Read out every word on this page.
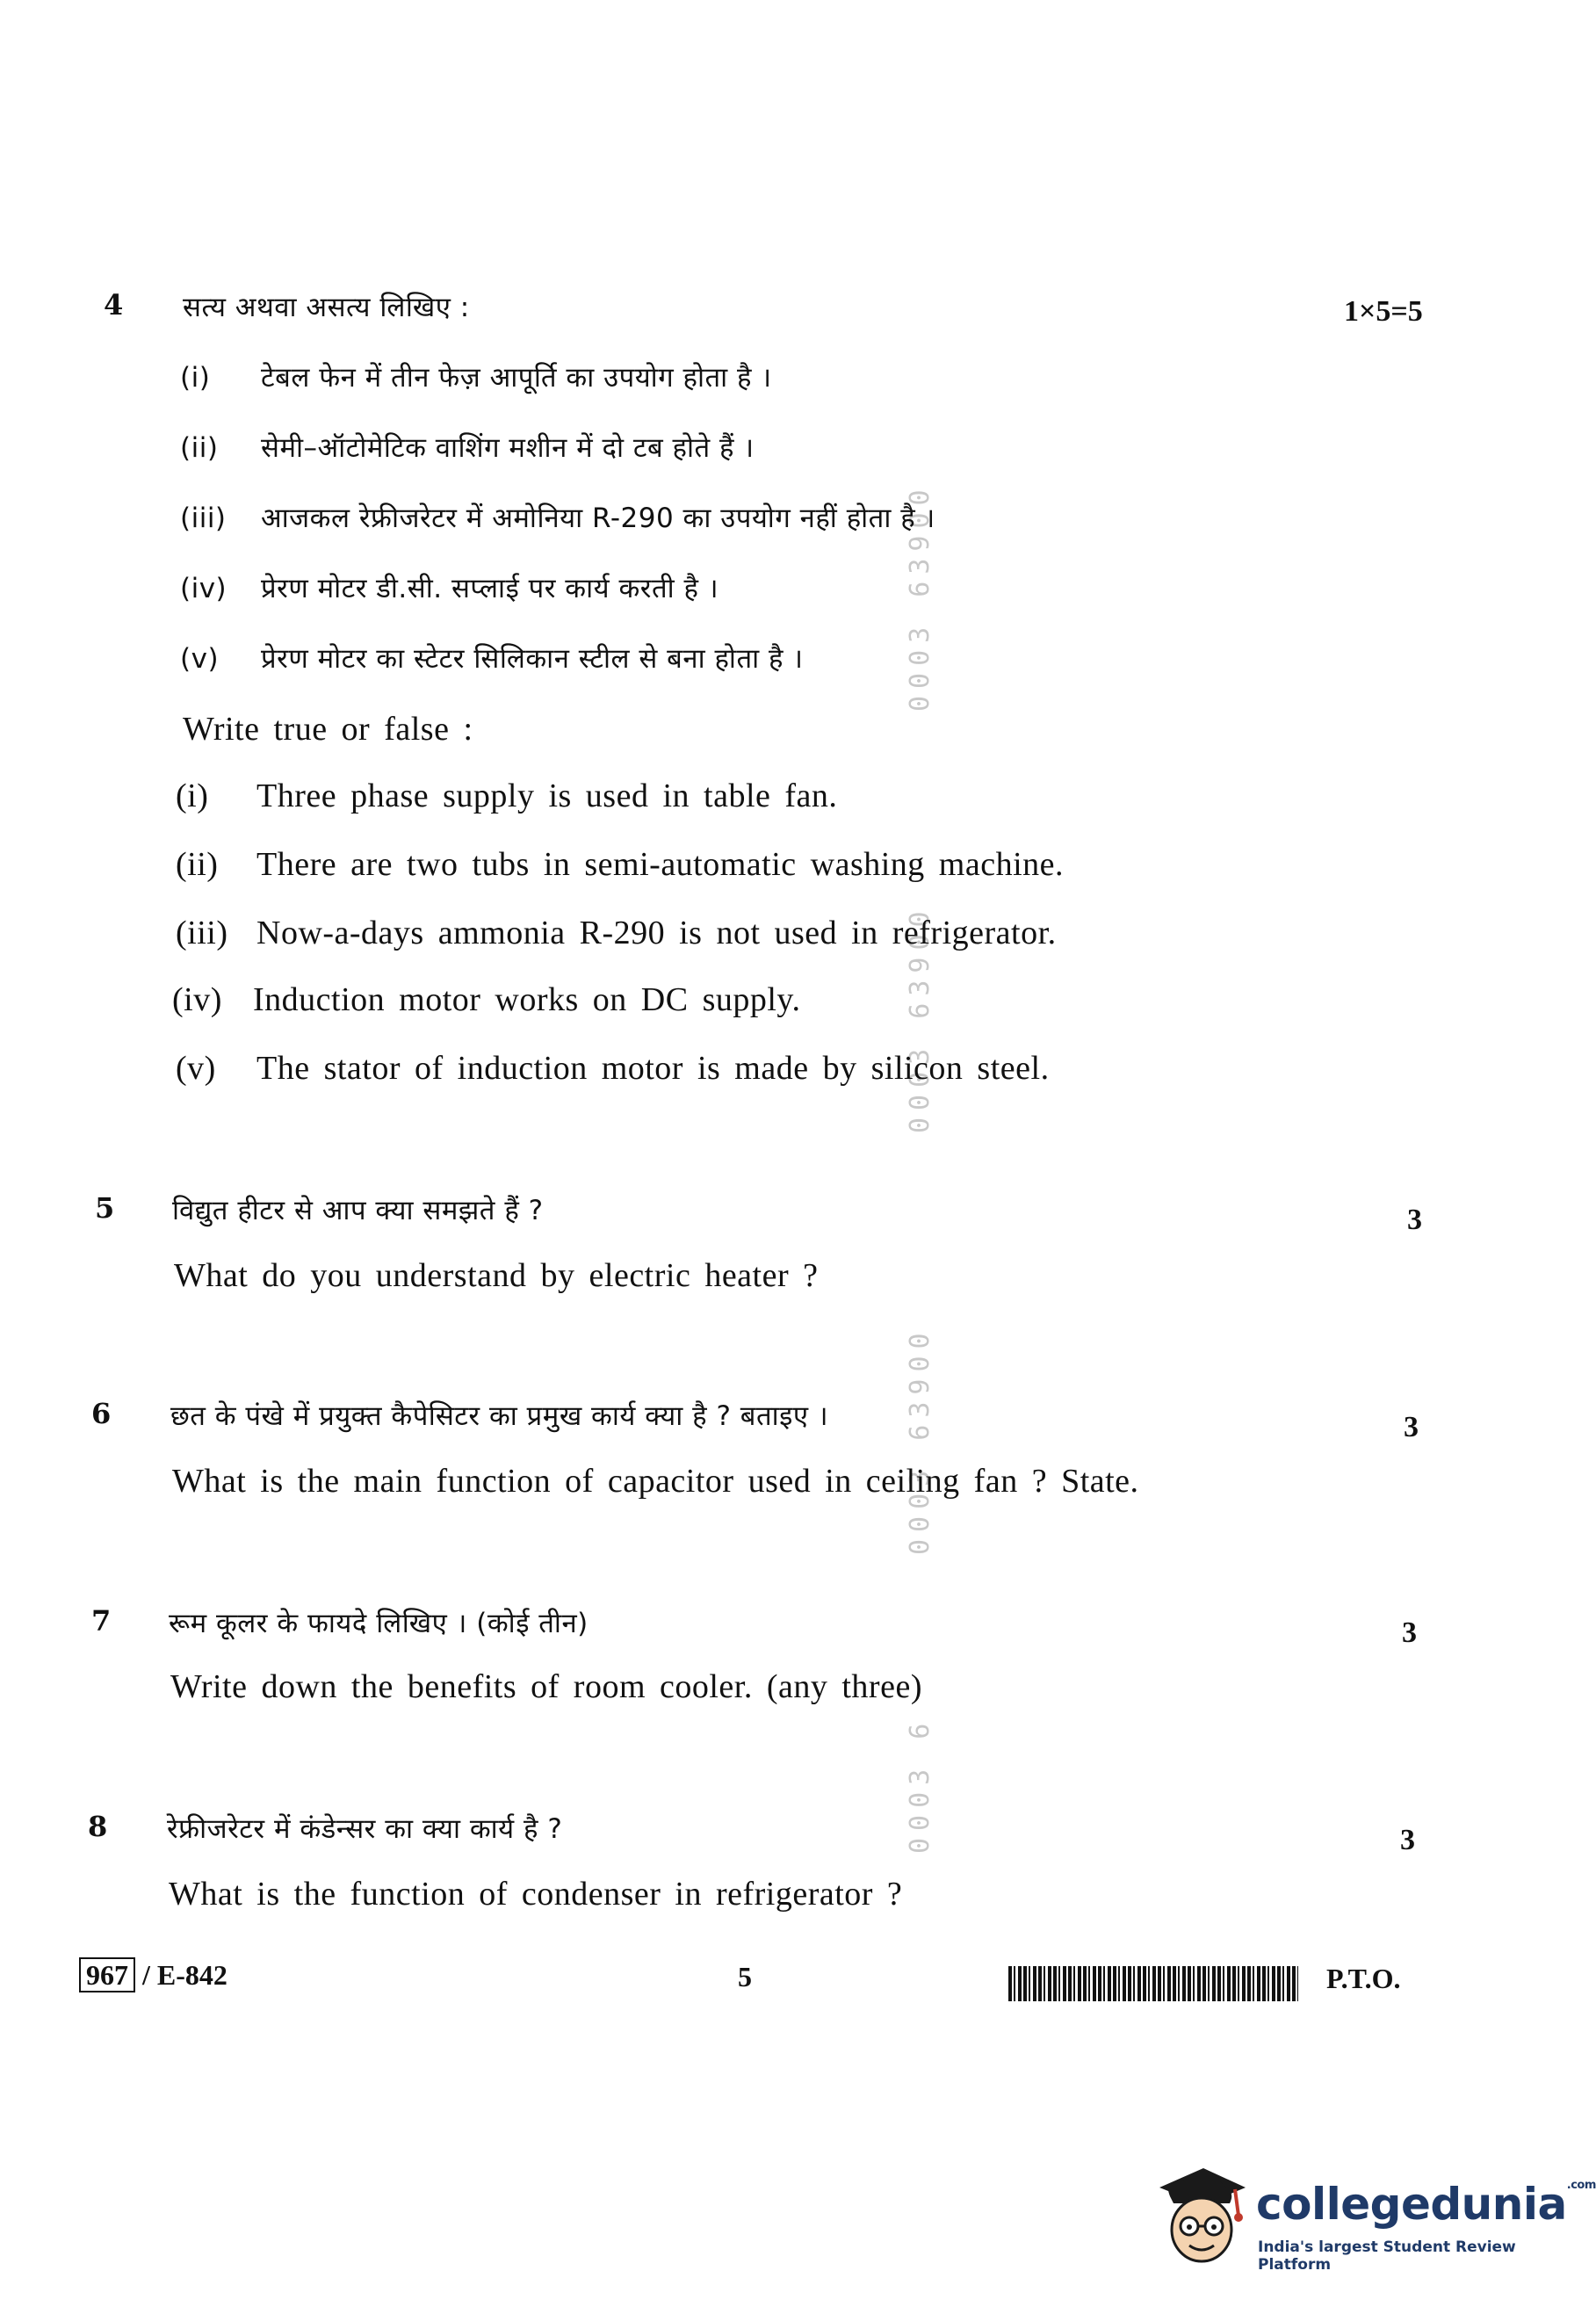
0003 63900
0003 63900
0003 63900
0003 6
4 सत्य अथवा असत्य लिखिए :	1×5=5
(i) टेबल फेन में तीन फेज़ आपूर्ति का उपयोग होता है ।
(ii) सेमी–ऑटोमेटिक वाशिंग मशीन में दो टब होते हैं ।
(iii) आजकल रेफ्रीजरेटर में अमोनिया R-290 का उपयोग नहीं होता है ।
(iv) प्रेरण मोटर डी.सी. सप्लाई पर कार्य करती है ।
(v) प्रेरण मोटर का स्टेटर सिलिकान स्टील से बना होता है ।
Write true or false :
(i) Three phase supply is used in table fan.
(ii) There are two tubs in semi-automatic washing machine.
(iii) Now-a-days ammonia R-290 is not used in refrigerator.
(iv) Induction motor works on DC supply.
(v) The stator of induction motor is made by silicon steel.
5 विद्युत हीटर से आप क्या समझते हैं ?	3
What do you understand by electric heater ?
6 छत के पंखे में प्रयुक्त कैपेसिटर का प्रमुख कार्य क्या है ? बताइए ।	3
What is the main function of capacitor used in ceiling fan ? State.
7 रूम कूलर के फायदे लिखिए । (कोई तीन)	3
Write down the benefits of room cooler. (any three)
8 रेफ्रीजरेटर में कंडेन्सर का क्या कार्य है ?	3
What is the function of condenser in refrigerator ?
967 / E-842	5	P.T.O.
collegedunia$^{.com}$
India's largest Student Review Platform
